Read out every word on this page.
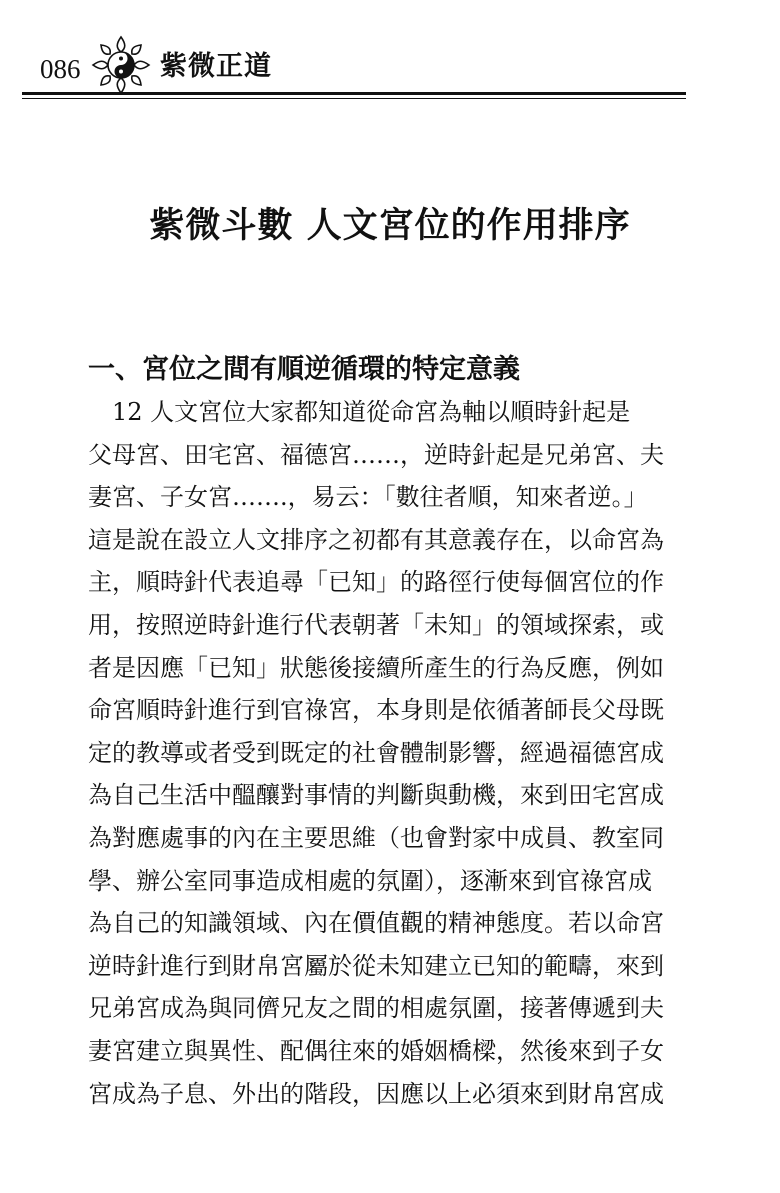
086	紫微正道
紫微斗數 人文宮位的作用排序
一、宮位之間有順逆循環的特定意義
　12 人文宮位大家都知道從命宮為軸以順時針起是
父母宮、田宅宮、福德宮……，逆時針起是兄弟宮、夫
妻宮、子女宮…….，易云：「數往者順，知來者逆。」
這是說在設立人文排序之初都有其意義存在，以命宮為
主，順時針代表追尋「已知」的路徑行使每個宮位的作
用，按照逆時針進行代表朝著「未知」的領域探索，或
者是因應「已知」狀態後接續所產生的行為反應，例如
命宮順時針進行到官祿宮，本身則是依循著師長父母既
定的教導或者受到既定的社會體制影響，經過福德宮成
為自己生活中醞釀對事情的判斷與動機，來到田宅宮成
為對應處事的內在主要思維（也會對家中成員、教室同
學、辦公室同事造成相處的氛圍），逐漸來到官祿宮成
為自己的知識領域、內在價值觀的精神態度。若以命宮
逆時針進行到財帛宮屬於從未知建立已知的範疇，來到
兄弟宮成為與同儕兄友之間的相處氛圍，接著傳遞到夫
妻宮建立與異性、配偶往來的婚姻橋樑，然後來到子女
宮成為子息、外出的階段，因應以上必須來到財帛宮成
